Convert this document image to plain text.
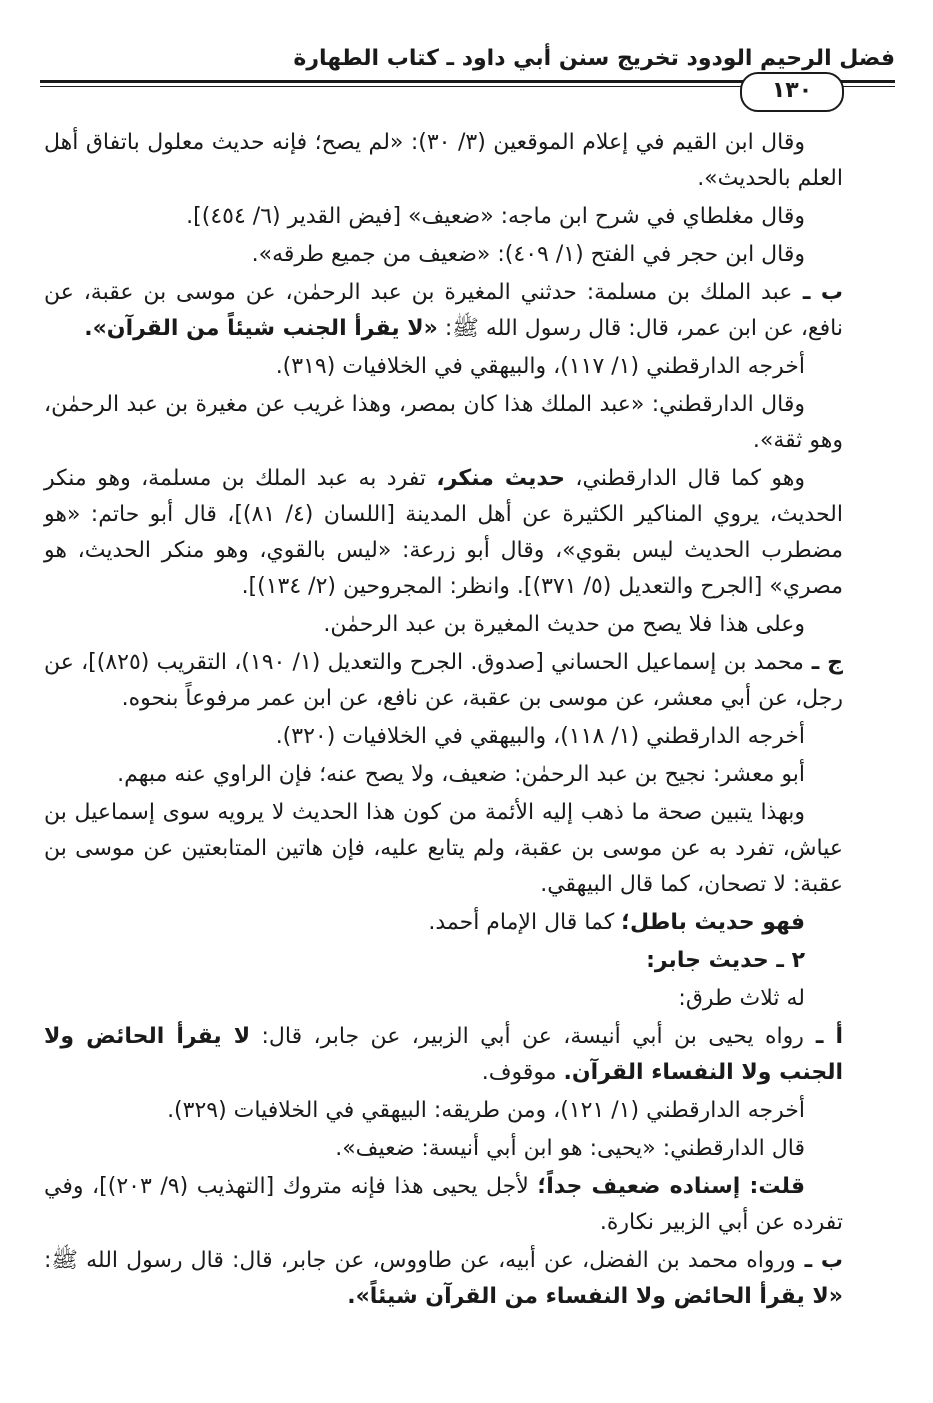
فضل الرحيم الودود تخريج سنن أبي داود ـ كتاب الطهارة
١٣٠

وقال ابن القيم في إعلام الموقعين (٣/ ٣٠): «لم يصح؛ فإنه حديث معلول باتفاق أهل العلم بالحديث».

وقال مغلطاي في شرح ابن ماجه: «ضعيف» [فيض القدير (٦/ ٤٥٤)].

وقال ابن حجر في الفتح (١/ ٤٠٩): «ضعيف من جميع طرقه».

ب ـ عبد الملك بن مسلمة: حدثني المغيرة بن عبد الرحمٰن، عن موسى بن عقبة، عن نافع، عن ابن عمر، قال: قال رسول الله ﷺ: «لا يقرأ الجنب شيئاً من القرآن».

أخرجه الدارقطني (١/ ١١٧)، والبيهقي في الخلافيات (٣١٩).

وقال الدارقطني: «عبد الملك هذا كان بمصر، وهذا غريب عن مغيرة بن عبد الرحمٰن، وهو ثقة».

وهو كما قال الدارقطني، حديث منكر، تفرد به عبد الملك بن مسلمة، وهو منكر الحديث، يروي المناكير الكثيرة عن أهل المدينة [اللسان (٤/ ٨١)]، قال أبو حاتم: «هو مضطرب الحديث ليس بقوي»، وقال أبو زرعة: «ليس بالقوي، وهو منكر الحديث، هو مصري» [الجرح والتعديل (٥/ ٣٧١)]. وانظر: المجروحين (٢/ ١٣٤)].

وعلى هذا فلا يصح من حديث المغيرة بن عبد الرحمٰن.

ج ـ محمد بن إسماعيل الحساني [صدوق. الجرح والتعديل (١/ ١٩٠)، التقريب (٨٢٥)]، عن رجل، عن أبي معشر، عن موسى بن عقبة، عن نافع، عن ابن عمر مرفوعاً بنحوه.

أخرجه الدارقطني (١/ ١١٨)، والبيهقي في الخلافيات (٣٢٠).

أبو معشر: نجيح بن عبد الرحمٰن: ضعيف، ولا يصح عنه؛ فإن الراوي عنه مبهم.

وبهذا يتبين صحة ما ذهب إليه الأئمة من كون هذا الحديث لا يرويه سوى إسماعيل بن عياش، تفرد به عن موسى بن عقبة، ولم يتابع عليه، فإن هاتين المتابعتين عن موسى بن عقبة: لا تصحان، كما قال البيهقي.

فهو حديث باطل؛ كما قال الإمام أحمد.

٢ ـ حديث جابر:

له ثلاث طرق:

أ ـ رواه يحيى بن أبي أنيسة، عن أبي الزبير، عن جابر، قال: لا يقرأ الحائض ولا الجنب ولا النفساء القرآن. موقوف.

أخرجه الدارقطني (١/ ١٢١)، ومن طريقه: البيهقي في الخلافيات (٣٢٩).

قال الدارقطني: «يحيى: هو ابن أبي أنيسة: ضعيف».

قلت: إسناده ضعيف جداً؛ لأجل يحيى هذا فإنه متروك [التهذيب (٩/ ٢٠٣)]، وفي تفرده عن أبي الزبير نكارة.

ب ـ ورواه محمد بن الفضل، عن أبيه، عن طاووس، عن جابر، قال: قال رسول الله ﷺ: «لا يقرأ الحائض ولا النفساء من القرآن شيئاً».
